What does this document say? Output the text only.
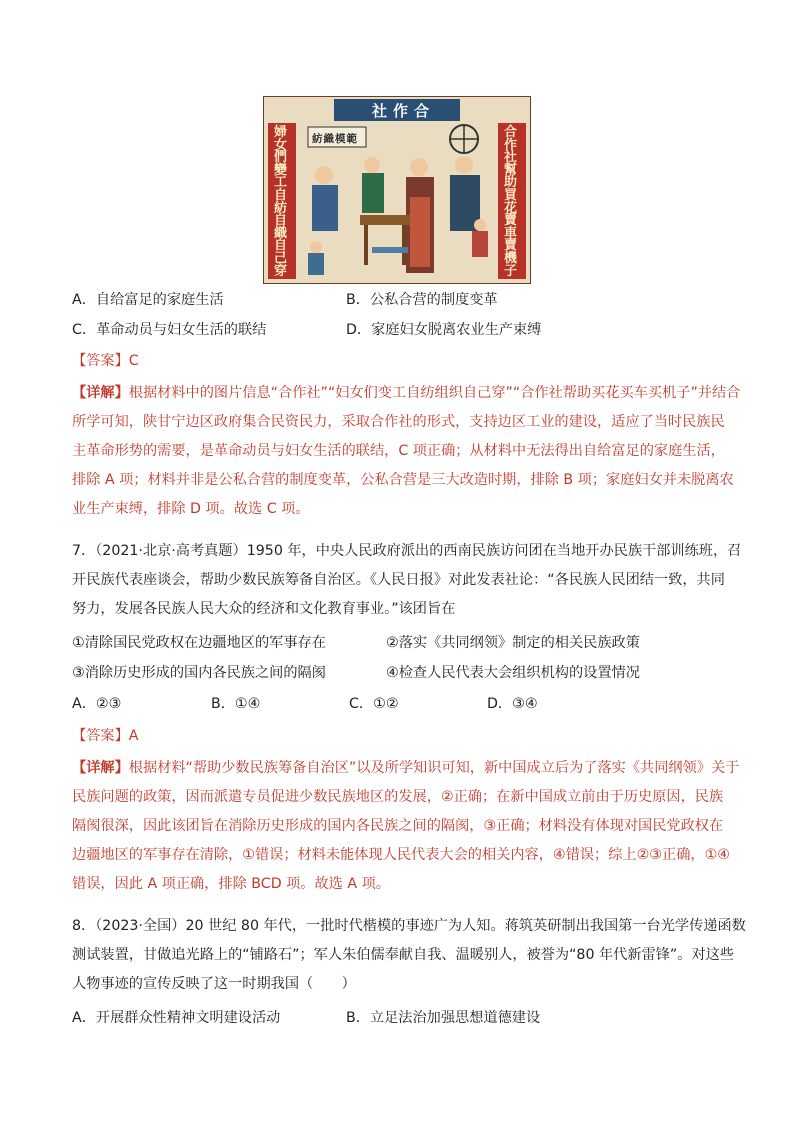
社作合
婦女們變工自紡自織自己穿
合作社幫助買花賣車賣機子
紡織模範
A．自给富足的家庭生活	B．公私合营的制度变革
C．革命动员与妇女生活的联结	D．家庭妇女脱离农业生产束缚
【答案】C
【详解】根据材料中的图片信息“合作社”“妇女们变工自纺组织自己穿”“合作社帮助买花买车买机子”并结合
所学可知，陕甘宁边区政府集合民资民力，采取合作社的形式，支持边区工业的建设，适应了当时民族民
主革命形势的需要，是革命动员与妇女生活的联结，C 项正确；从材料中无法得出自给富足的家庭生活，
排除 A 项；材料并非是公私合营的制度变革，公私合营是三大改造时期，排除 B 项；家庭妇女并未脱离农
业生产束缚，排除 D 项。故选 C 项。
7．（2021·北京·高考真题）1950 年，中央人民政府派出的西南民族访问团在当地开办民族干部训练班，召
开民族代表座谈会，帮助少数民族筹备自治区。《人民日报》对此发表社论：“各民族人民团结一致，共同
努力，发展各民族人民大众的经济和文化教育事业。”该团旨在
①清除国民党政权在边疆地区的军事存在	②落实《共同纲领》制定的相关民族政策
③消除历史形成的国内各民族之间的隔阂	④检查人民代表大会组织机构的设置情况
A．②③	B．①④	C．①②	D．③④
【答案】A
【详解】根据材料“帮助少数民族筹备自治区”以及所学知识可知，新中国成立后为了落实《共同纲领》关于
民族问题的政策，因而派遣专员促进少数民族地区的发展，②正确；在新中国成立前由于历史原因，民族
隔阂很深，因此该团旨在消除历史形成的国内各民族之间的隔阂，③正确；材料没有体现对国民党政权在
边疆地区的军事存在清除，①错误；材料未能体现人民代表大会的相关内容，④错误；综上②③正确，①④
错误，因此 A 项正确，排除 BCD 项。故选 A 项。
8．（2023·全国）20 世纪 80 年代，一批时代楷模的事迹广为人知。蒋筑英研制出我国第一台光学传递函数
测试装置，甘做追光路上的“铺路石”；军人朱伯儒奉献自我、温暖别人，被誉为“80 年代新雷锋”。对这些
人物事迹的宣传反映了这一时期我国（　　）
A．开展群众性精神文明建设活动	B．立足法治加强思想道德建设
